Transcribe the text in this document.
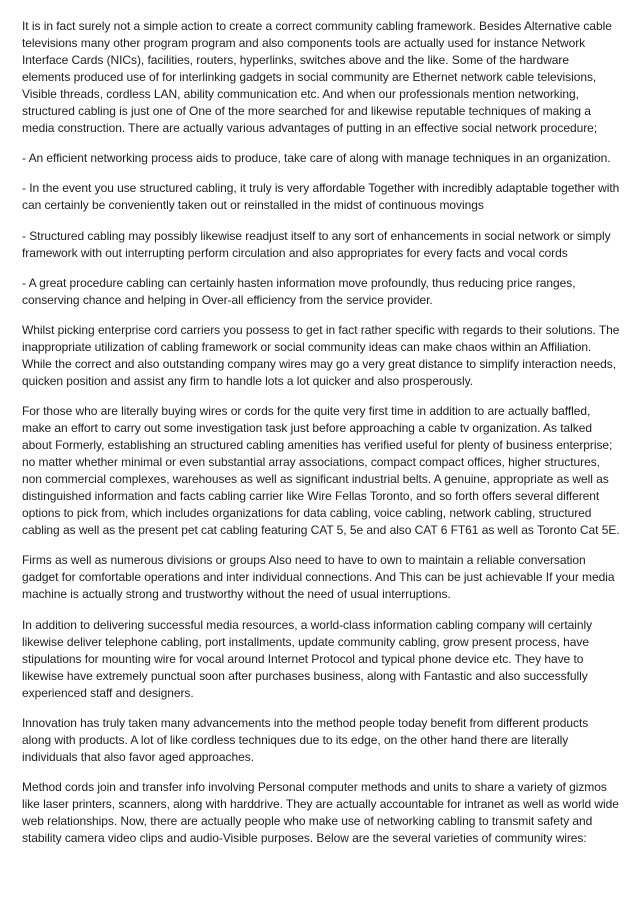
It is in fact surely not a simple action to create a correct community cabling framework. Besides Alternative cable televisions many other program program and also components tools are actually used for instance Network Interface Cards (NICs), facilities, routers, hyperlinks, switches above and the like. Some of the hardware elements produced use of for interlinking gadgets in social community are Ethernet network cable televisions, Visible threads, cordless LAN, ability communication etc. And when our professionals mention networking, structured cabling is just one of One of the more searched for and likewise reputable techniques of making a media construction. There are actually various advantages of putting in an effective social network procedure;

- An efficient networking process aids to produce, take care of along with manage techniques in an organization.

- In the event you use structured cabling, it truly is very affordable Together with incredibly adaptable together with can certainly be conveniently taken out or reinstalled in the midst of continuous movings

- Structured cabling may possibly likewise readjust itself to any sort of enhancements in social network or simply framework with out interrupting perform circulation and also appropriates for every facts and vocal cords

- A great procedure cabling can certainly hasten information move profoundly, thus reducing price ranges, conserving chance and helping in Over-all efficiency from the service provider.

Whilst picking enterprise cord carriers you possess to get in fact rather specific with regards to their solutions. The inappropriate utilization of cabling framework or social community ideas can make chaos within an Affiliation. While the correct and also outstanding company wires may go a very great distance to simplify interaction needs, quicken position and assist any firm to handle lots a lot quicker and also prosperously.

For those who are literally buying wires or cords for the quite very first time in addition to are actually baffled, make an effort to carry out some investigation task just before approaching a cable tv organization. As talked about Formerly, establishing an structured cabling amenities has verified useful for plenty of business enterprise; no matter whether minimal or even substantial array associations, compact compact offices, higher structures, non commercial complexes, warehouses as well as significant industrial belts. A genuine, appropriate as well as distinguished information and facts cabling carrier like Wire Fellas Toronto, and so forth offers several different options to pick from, which includes organizations for data cabling, voice cabling, network cabling, structured cabling as well as the present pet cat cabling featuring CAT 5, 5e and also CAT 6 FT61 as well as Toronto Cat 5E.

Firms as well as numerous divisions or groups Also need to have to own to maintain a reliable conversation gadget for comfortable operations and inter individual connections. And This can be just achievable If your media machine is actually strong and trustworthy without the need of usual interruptions.

In addition to delivering successful media resources, a world-class information cabling company will certainly likewise deliver telephone cabling, port installments, update community cabling, grow present process, have stipulations for mounting wire for vocal around Internet Protocol and typical phone device etc. They have to likewise have extremely punctual soon after purchases business, along with Fantastic and also successfully experienced staff and designers.

Innovation has truly taken many advancements into the method people today benefit from different products along with products. A lot of like cordless techniques due to its edge, on the other hand there are literally individuals that also favor aged approaches.

Method cords join and transfer info involving Personal computer methods and units to share a variety of gizmos like laser printers, scanners, along with harddrive. They are actually accountable for intranet as well as world wide web relationships. Now, there are actually people who make use of networking cabling to transmit safety and stability camera video clips and audio-Visible purposes. Below are the several varieties of community wires:
